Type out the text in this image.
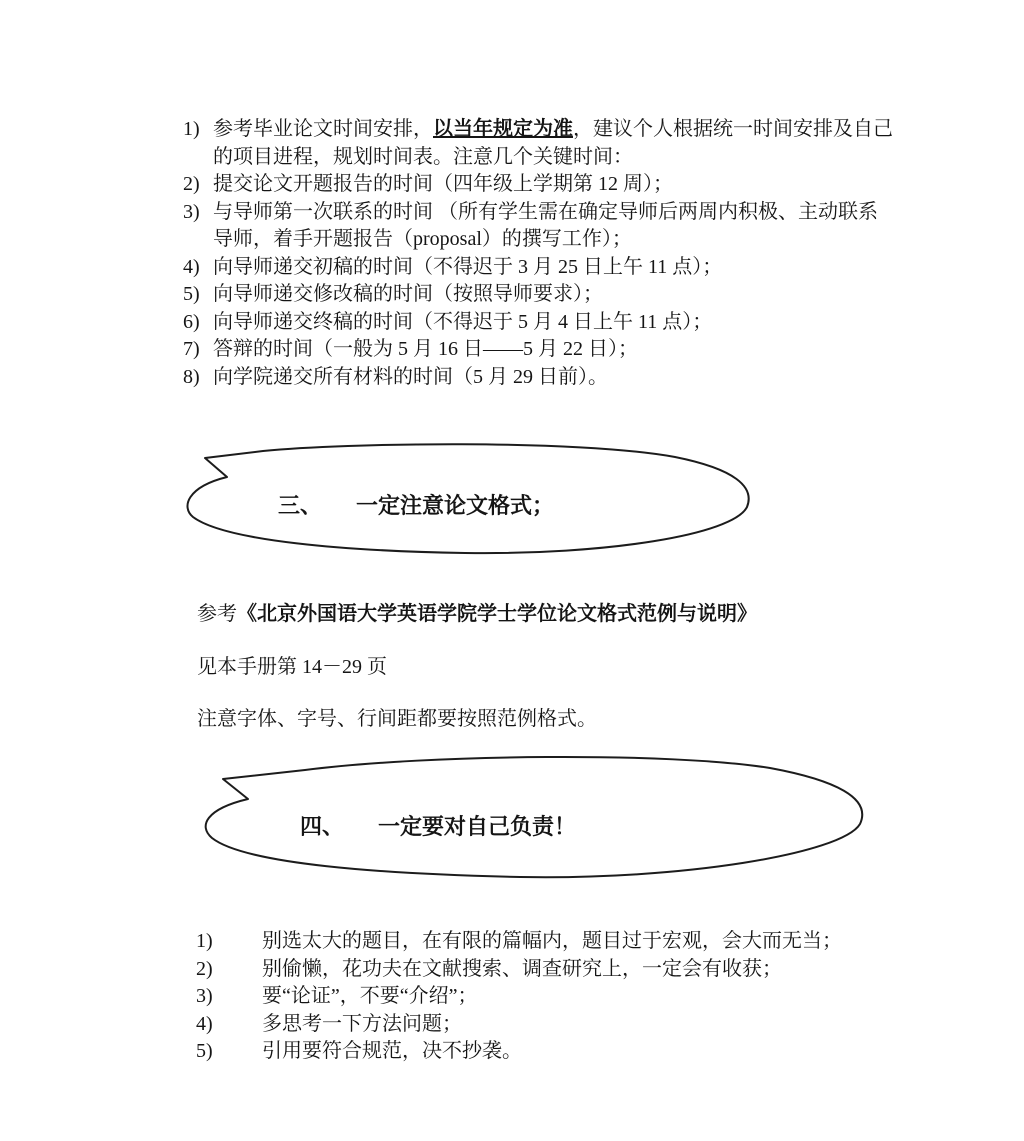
1) 参考毕业论文时间安排，以当年规定为准，建议个人根据统一时间安排及自己的项目进程，规划时间表。注意几个关键时间：
2) 提交论文开题报告的时间（四年级上学期第 12 周）；
3) 与导师第一次联系的时间 （所有学生需在确定导师后两周内积极、主动联系导师，着手开题报告（proposal）的撰写工作）；
4) 向导师递交初稿的时间（不得迟于 3 月 25 日上午 11 点）；
5) 向导师递交修改稿的时间（按照导师要求）；
6) 向导师递交终稿的时间（不得迟于 5 月 4 日上午 11 点）；
7) 答辩的时间（一般为 5 月 16 日——5 月 22 日）；
8) 向学院递交所有材料的时间（5 月 29 日前）。
三、 一定注意论文格式；
参考《北京外国语大学英语学院学士学位论文格式范例与说明》
见本手册第 14－29 页
注意字体、字号、行间距都要按照范例格式。
四、 一定要对自己负责！
1)	别选太大的题目，在有限的篇幅内，题目过于宏观，会大而无当；
2)	别偷懒，花功夫在文献搜索、调查研究上，一定会有收获；
3)	要“论证”，不要“介绍”；
4)	多思考一下方法问题；
5)	引用要符合规范，决不抄袭。
